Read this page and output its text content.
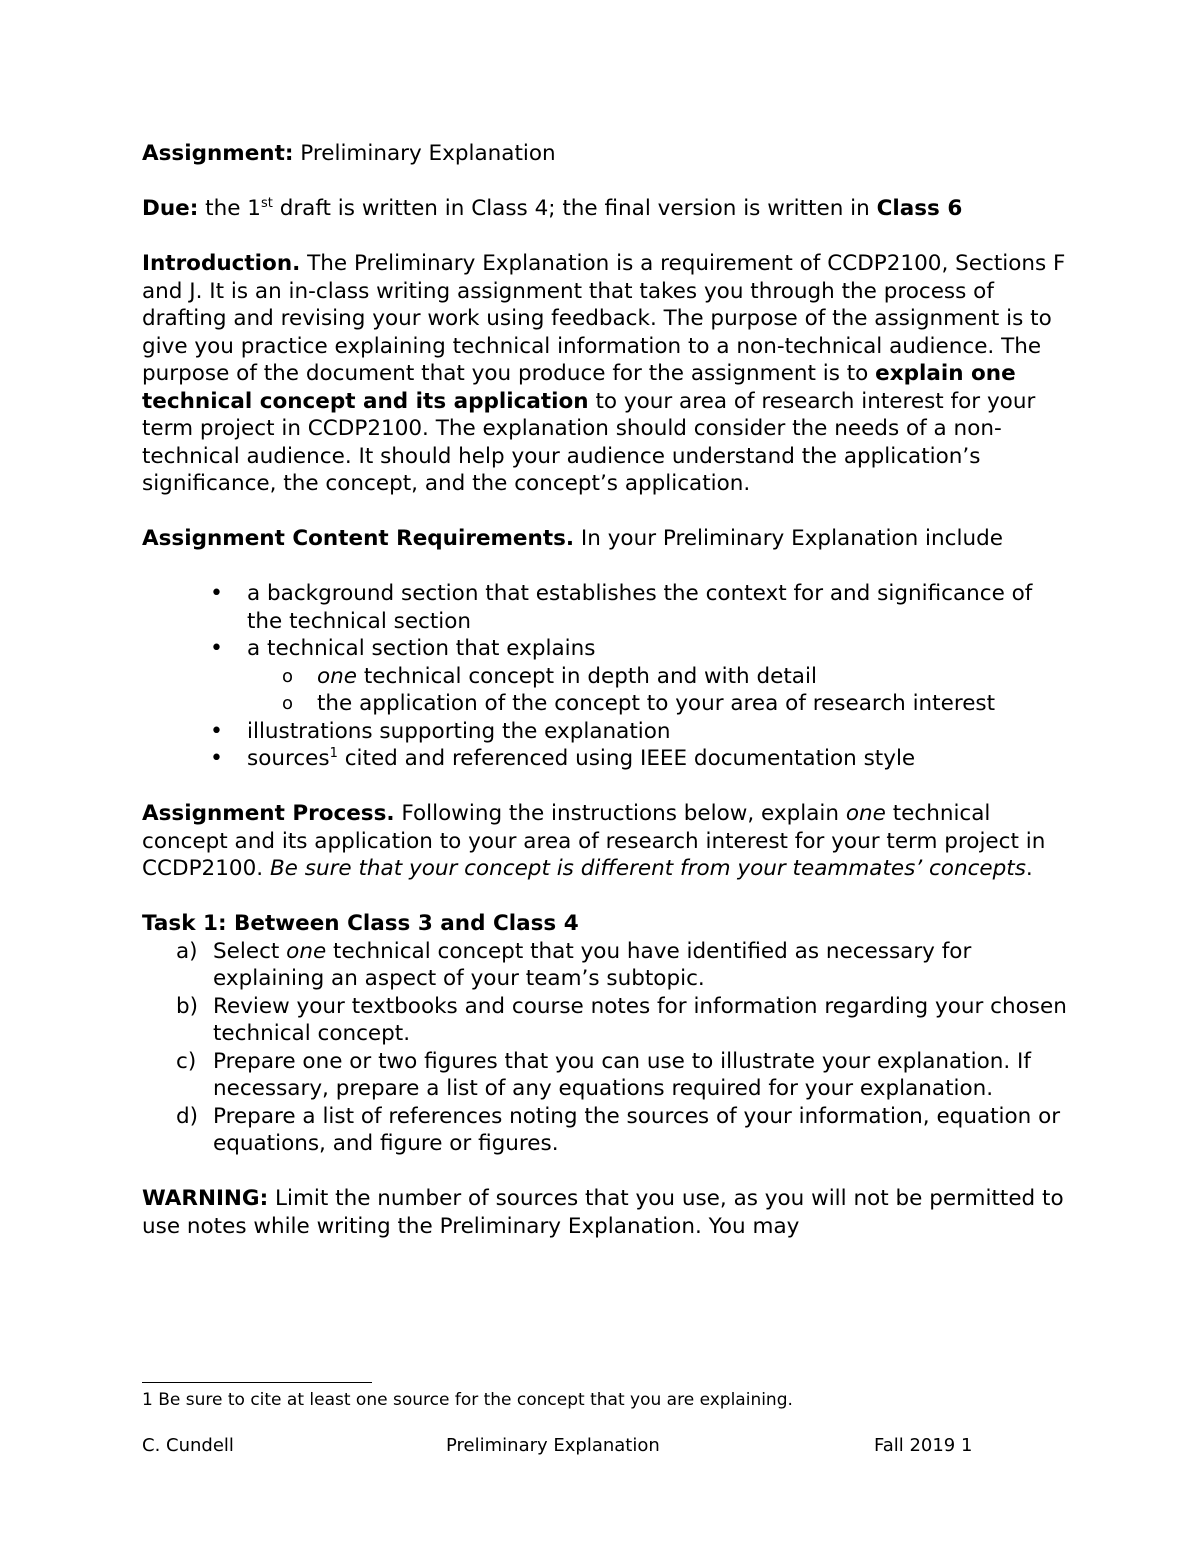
Assignment: Preliminary Explanation

Due: the 1st draft is written in Class 4; the final version is written in Class 6

Introduction. The Preliminary Explanation is a requirement of CCDP2100, Sections F and J. It is an in-class writing assignment that takes you through the process of drafting and revising your work using feedback. The purpose of the assignment is to give you practice explaining technical information to a non-technical audience. The purpose of the document that you produce for the assignment is to explain one technical concept and its application to your area of research interest for your term project in CCDP2100. The explanation should consider the needs of a non-technical audience. It should help your audience understand the application’s significance, the concept, and the concept’s application.

Assignment Content Requirements. In your Preliminary Explanation include

• a background section that establishes the context for and significance of the technical section
• a technical section that explains
o one technical concept in depth and with detail
o the application of the concept to your area of research interest
• illustrations supporting the explanation
• sources$^1$ cited and referenced using IEEE documentation style

Assignment Process. Following the instructions below, explain one technical concept and its application to your area of research interest for your term project in CCDP2100. Be sure that your concept is different from your teammates’ concepts.

Task 1: Between Class 3 and Class 4

a) Select one technical concept that you have identified as necessary for explaining an aspect of your team’s subtopic.
b) Review your textbooks and course notes for information regarding your chosen technical concept.
c) Prepare one or two figures that you can use to illustrate your explanation. If necessary, prepare a list of any equations required for your explanation.
d) Prepare a list of references noting the sources of your information, equation or equations, and figure or figures.

WARNING: Limit the number of sources that you use, as you will not be permitted to use notes while writing the Preliminary Explanation. You may

1 Be sure to cite at least one source for the concept that you are explaining.
C. Cundell	Preliminary Explanation	Fall 2019 1
